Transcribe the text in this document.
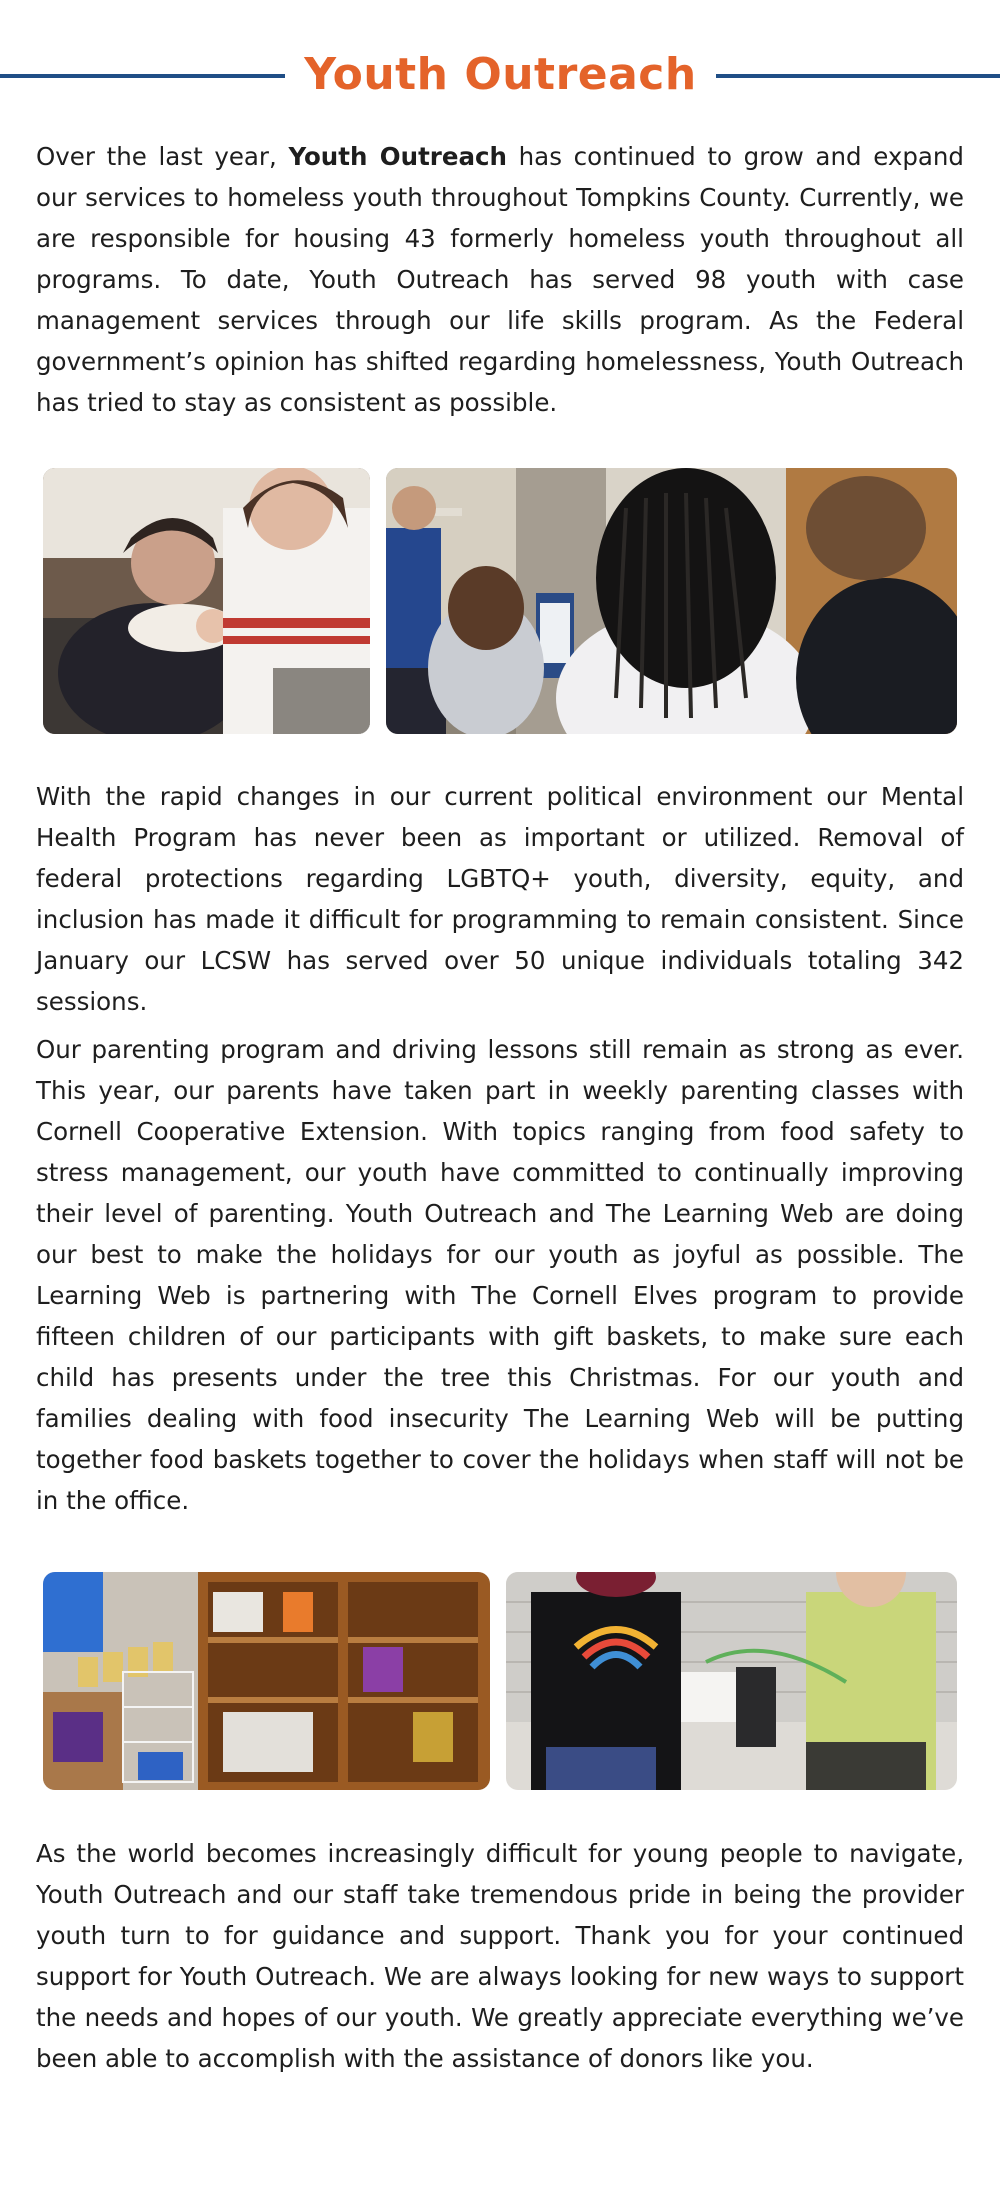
Youth Outreach

Over the last year, Youth Outreach has continued to grow and expand our services to homeless youth throughout Tompkins County. Currently, we are responsible for housing 43 formerly homeless youth throughout all programs. To date, Youth Outreach has served 98 youth with case management services through our life skills program. As the Federal government’s opinion has shifted regarding homelessness, Youth Outreach has tried to stay as consistent as possible.

With the rapid changes in our current political environment our Mental Health Program has never been as important or utilized. Removal of federal protections regarding LGBTQ+ youth, diversity, equity, and inclusion has made it difficult for programming to remain consistent. Since January our LCSW has served over 50 unique individuals totaling 342 sessions.

Our parenting program and driving lessons still remain as strong as ever. This year, our parents have taken part in weekly parenting classes with Cornell Cooperative Extension. With topics ranging from food safety to stress management, our youth have committed to continually improving their level of parenting. Youth Outreach and The Learning Web are doing our best to make the holidays for our youth as joyful as possible. The Learning Web is partnering with The Cornell Elves program to provide fifteen children of our participants with gift baskets, to make sure each child has presents under the tree this Christmas. For our youth and families dealing with food insecurity The Learning Web will be putting together food baskets together to cover the holidays when staff will not be in the office.

As the world becomes increasingly difficult for young people to navigate, Youth Outreach and our staff take tremendous pride in being the provider youth turn to for guidance and support. Thank you for your continued support for Youth Outreach. We are always looking for new ways to support the needs and hopes of our youth. We greatly appreciate everything we’ve been able to accomplish with the assistance of donors like you.
